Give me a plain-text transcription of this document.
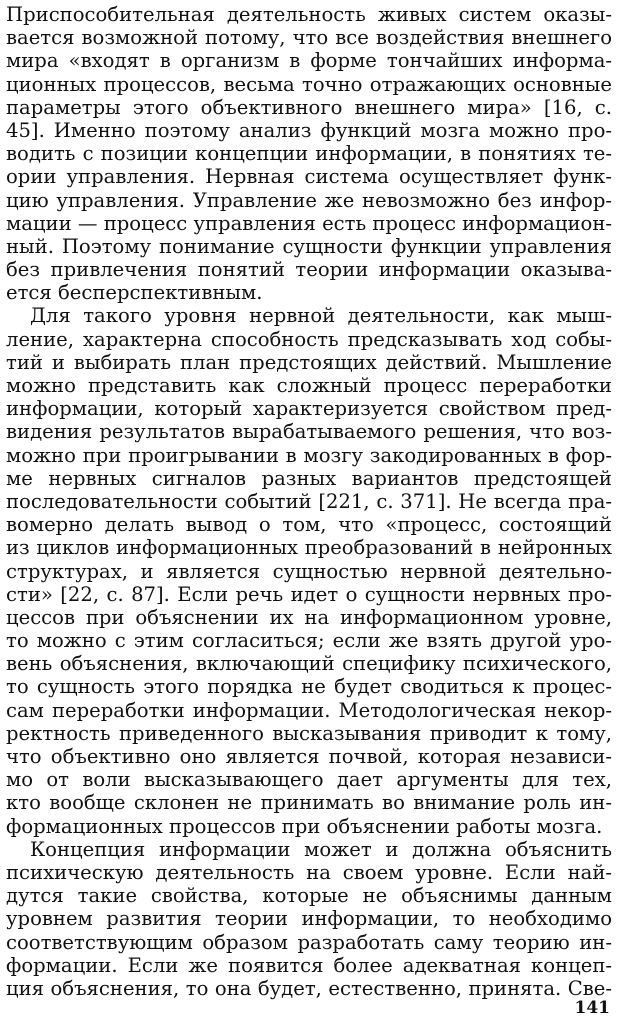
Приспособительная деятельность живых систем оказы-
вается возможной потому, что все воздействия внешнего
мира «входят в организм в форме тончайших информа-
ционных процессов, весьма точно отражающих основные
параметры этого объективного внешнего мира» [16, с.
45]. Именно поэтому анализ функций мозга можно про-
водить с позиции концепции информации, в понятиях те-
ории управления. Нервная система осуществляет функ-
цию управления. Управление же невозможно без инфор-
мации — процесс управления есть процесс информацион-
ный. Поэтому понимание сущности функции управления
без привлечения понятий теории информации оказыва-
ется бесперспективным.
Для такого уровня нервной деятельности, как мыш-
ление, характерна способность предсказывать ход собы-
тий и выбирать план предстоящих действий. Мышление
можно представить как сложный процесс переработки
информации, который характеризуется свойством пред-
видения результатов вырабатываемого решения, что воз-
можно при проигрывании в мозгу закодированных в фор-
ме нервных сигналов разных вариантов предстоящей
последовательности событий [221, с. 371]. Не всегда пра-
вомерно делать вывод о том, что «процесс, состоящий
из циклов информационных преобразований в нейронных
структурах, и является сущностью нервной деятельно-
сти» [22, с. 87]. Если речь идет о сущности нервных про-
цессов при объяснении их на информационном уровне,
то можно с этим согласиться; если же взять другой уро-
вень объяснения, включающий специфику психического,
то сущность этого порядка не будет сводиться к процес-
сам переработки информации. Методологическая некор-
ректность приведенного высказывания приводит к тому,
что объективно оно является почвой, которая независи-
мо от воли высказывающего дает аргументы для тех,
кто вообще склонен не принимать во внимание роль ин-
формационных процессов при объяснении работы мозга.
Концепция информации может и должна объяснить
психическую деятельность на своем уровне. Если най-
дутся такие свойства, которые не объяснимы данным
уровнем развития теории информации, то необходимо
соответствующим образом разработать саму теорию ин-
формации. Если же появится более адекватная концеп-
ция объяснения, то она будет, естественно, принята. Све-
141
